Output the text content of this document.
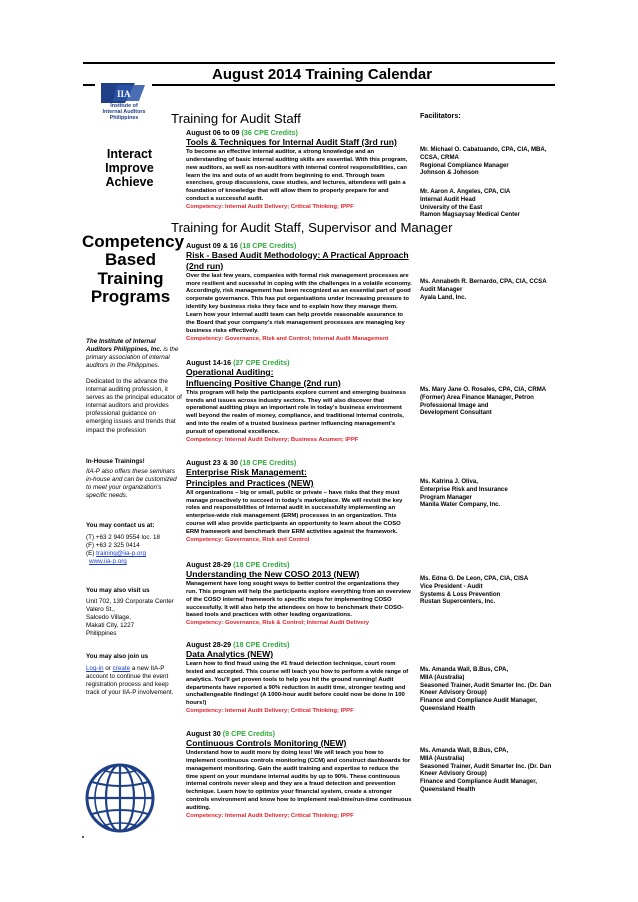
August 2014 Training Calendar
IIA
Institute of
Internal Auditors
Philippines
Interact
Improve
Achieve
Competency
Based
Training
Programs
The Institute of Internal Auditors Philippines, Inc. is the primary association of internal auditors in the Philippines.
Dedicated to the advance the internal auditing profession, it serves as the principal educator of internal auditors and provides professional guidance on emerging issues and trends that impact the profession
In-House Trainings!
IIA-P also offers these seminars in-house and can be customized to meet your organization's specific needs.
You may contact us at:
(T) +63 2 940 9554 loc. 18
(F) +63 2 325 0414
(E) training@iia-p.org
www.iia-p.org
You may also visit us
Unit 702, 139 Corporate Center
Valero St.,
Salcedo Village,
Makati City, 1227
Philippines
You may also join us
Log-in or create a new IIA-P account to continue the event registration process and keep track of your IIA-P involvement.
Training for Audit Staff	Facilitators:
Training for Audit Staff, Supervisor and Manager
August 06 to 09 (36 CPE Credits)
Tools & Techniques for Internal Audit Staff (3rd run)
To become an effective internal auditor, a strong knowledge and an understanding of basic internal auditing skills are essential. With this program, new auditors, as well as non-auditors with internal control responsibilities, can learn the ins and outs of an audit from beginning to end. Through team exercises, group discussions, case studies, and lectures, attendees will gain a foundation of knowledge that will allow them to properly prepare for and conduct a successful audit.
Competency: Internal Audit Delivery; Critical Thinking; IPPF
Mr. Michael O. Cabatuando, CPA, CIA, MBA, CCSA, CRMA
Regional Compliance Manager
Johnson & Johnson
Mr. Aaron A. Angeles, CPA, CIA
Internal Audit Head
University of the East
Ramon Magsaysay Medical Center
August 09 & 16 (18 CPE Credits)
Risk - Based Audit Methodology: A Practical Approach
(2nd run)
Over the last few years, companies with formal risk management processes are more resilient and sucessful in coping with the challenges in a volatile economy. Accordingly, risk management has been recognized as an essential part of good corporate governance. This has put organisations under increasing pressure to identify key business risks they face and to explain how they manage them. Learn how your internal audit team can help provide reasonable assurance to the Board that your company's risk management processes are managing key business risks effectively.
Competency: Governance, Risk and Control; Internal Audit Management
Ms. Annabeth R. Bernardo, CPA, CIA, CCSA
Audit Manager
Ayala Land, Inc.
August 14-16 (27 CPE Credits)
Operational Auditing:
Influencing Positive Change (2nd run)
This program will help the participants explore current and emerging business trends and issues across industry sectors. They will also discover that operational auditing plays an important role in today's business environment well beyond the realm of money, compliance, and traditional internal controls, and into the realm of a trusted business partner influencing management's pursuit of operational excellence.
Competency: Internal Audit Delivery; Business Acumen; IPPF
Ms. Mary Jane O. Rosales, CPA, CIA, CRMA
(Former) Area Finance Manager, Petron
Professional Image and
Development Consultant
August 23 & 30 (18 CPE Credits)
Enterprise Risk Management:
Principles and Practices (NEW)
All organizations – big or small, public or private – have risks that they must manage proactively to succeed in today's marketplace. We will revisit the key roles and responsibilities of internal audit in successfully implementing an enterprise-wide risk management (ERM) processes in an organization. This course will also provide participants an opportunity to learn about the COSO ERM framework and benchmark their ERM activities against the framework.
Competency: Governance, Risk and Control
Ms. Katrina J. Oliva,
Enterprise Risk and Insurance
Program Manager
Manila Water Company, Inc.
August 28-29 (18 CPE Credits)
Understanding the New COSO 2013 (NEW)
Management have long sought ways to better control the organizations they run. This program will help the participants explore everything from an overview of the COSO internal framework to specific steps for implementing COSO successfully. It will also help the attendees on how to benchmark their COSO-based tools and practices with other leading organizations.
Competency: Governance, Risk & Control; Internal Audit Delivery
Ms. Edna G. De Leon, CPA, CIA, CISA
Vice President - Audit
Systems & Loss Prevention
Rustan Supercenters, Inc.
August 28-29 (18 CPE Credits)
Data Analytics (NEW)
Learn how to find fraud using the #1 fraud detection technique, court room tested and accepted. This course will teach you how to perform a wide range of analytics. You'll get proven tools to help you hit the ground running! Audit departments have reported a 90% reduction in audit time, stronger testing and unchallengeable findings! (A 1000-hour audit before could now be done in 100 hours!)
Competency: Internal Audit Delivery; Critical Thinking; IPPF
Ms. Amanda Wall, B.Bus, CPA,
MIIA (Australia)
Seasoned Trainer, Audit Smarter Inc. (Dr. Dan Kneer Advisory Group)
Finance and Compliance Audit Manager, Queensland Health
August 30 (9 CPE Credits)
Continuous Controls Monitoring (NEW)
Understand how to audit more by doing less! We will teach you how to implement continuous controls monitoring (CCM) and construct dashboards for management monitoring. Gain the audit training and expertise to reduce the time spent on your mundane internal audits by up to 90%. These continuous internal controls never sleep and they are a fraud detection and prevention technique. Learn how to optimize your financial system, create a stronger controls environment and know how to implement real-time/run-time continuous auditing.
Competency: Internal Audit Delivery; Critical Thinking; IPPF
Ms. Amanda Wall, B.Bus, CPA,
MIIA (Australia)
Seasoned Trainer, Audit Smarter Inc. (Dr. Dan Kneer Advisory Group)
Finance and Compliance Audit Manager, Queensland Health
